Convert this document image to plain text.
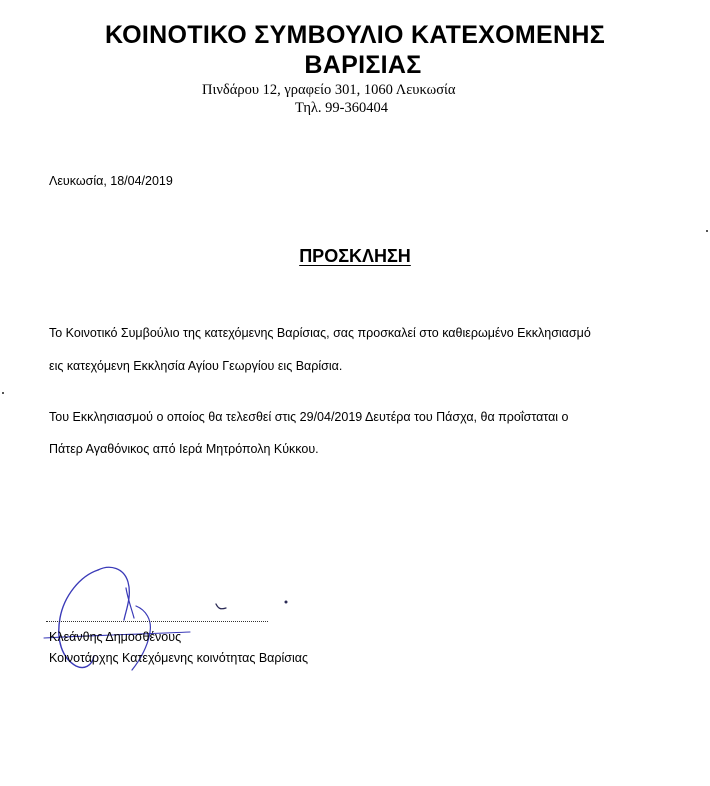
ΚΟΙΝΟΤΙΚΟ ΣΥΜΒΟΥΛΙΟ ΚΑΤΕΧΟΜΕΝΗΣ
ΒΑΡΙΣΙΑΣ
Πινδάρου 12, γραφείο 301, 1060 Λευκωσία
Τηλ. 99-360404
Λευκωσία, 18/04/2019
ΠΡΟΣΚΛΗΣΗ
Το Κοινοτικό Συμβούλιο της κατεχόμενης Βαρίσιας, σας προσκαλεί στο καθιερωμένο Εκκλησιασμό
εις κατεχόμενη Εκκλησία Αγίου Γεωργίου εις Βαρίσια.
Του Εκκλησιασμού ο οποίος θα τελεσθεί στις 29/04/2019 Δευτέρα του Πάσχα, θα προΐσταται ο
Πάτερ Αγαθόνικος από Ιερά Μητρόπολη Κύκκου.
Κλεάνθης Δημοσθένους
Κοινοτάρχης Κατεχόμενης κοινότητας Βαρίσιας
